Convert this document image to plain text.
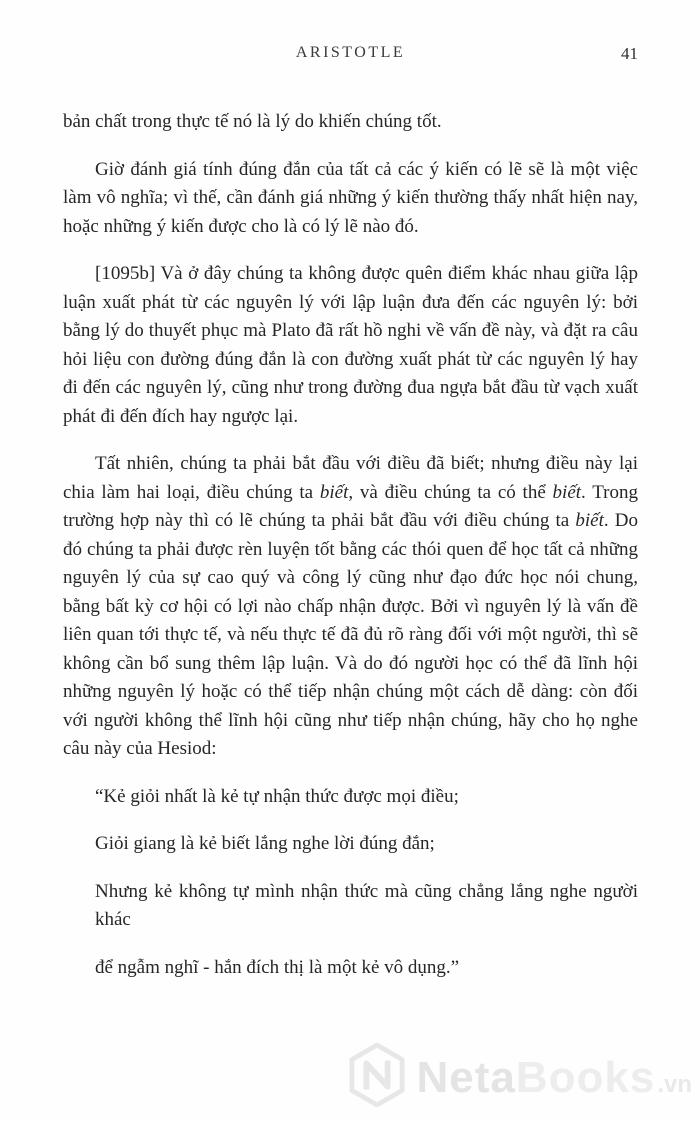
ARISTOTLE	41

bản chất trong thực tế nó là lý do khiến chúng tốt.

Giờ đánh giá tính đúng đắn của tất cả các ý kiến có lẽ sẽ là một việc làm vô nghĩa; vì thế, cần đánh giá những ý kiến thường thấy nhất hiện nay, hoặc những ý kiến được cho là có lý lẽ nào đó.

[1095b] Và ở đây chúng ta không được quên điểm khác nhau giữa lập luận xuất phát từ các nguyên lý với lập luận đưa đến các nguyên lý: bởi bằng lý do thuyết phục mà Plato đã rất hồ nghi về vấn đề này, và đặt ra câu hỏi liệu con đường đúng đắn là con đường xuất phát từ các nguyên lý hay đi đến các nguyên lý, cũng như trong đường đua ngựa bắt đầu từ vạch xuất phát đi đến đích hay ngược lại.

Tất nhiên, chúng ta phải bắt đầu với điều đã biết; nhưng điều này lại chia làm hai loại, điều chúng ta biết, và điều chúng ta có thể biết. Trong trường hợp này thì có lẽ chúng ta phải bắt đầu với điều chúng ta biết. Do đó chúng ta phải được rèn luyện tốt bằng các thói quen để học tất cả những nguyên lý của sự cao quý và công lý cũng như đạo đức học nói chung, bằng bất kỳ cơ hội có lợi nào chấp nhận được. Bởi vì nguyên lý là vấn đề liên quan tới thực tế, và nếu thực tế đã đủ rõ ràng đối với một người, thì sẽ không cần bổ sung thêm lập luận. Và do đó người học có thể đã lĩnh hội những nguyên lý hoặc có thể tiếp nhận chúng một cách dễ dàng: còn đối với người không thể lĩnh hội cũng như tiếp nhận chúng, hãy cho họ nghe câu này của Hesiod:

“Kẻ giỏi nhất là kẻ tự nhận thức được mọi điều;

Giỏi giang là kẻ biết lắng nghe lời đúng đắn;

Nhưng kẻ không tự mình nhận thức mà cũng chẳng lắng nghe người khác

để ngẫm nghĩ - hắn đích thị là một kẻ vô dụng.”

Neta Books .vn
